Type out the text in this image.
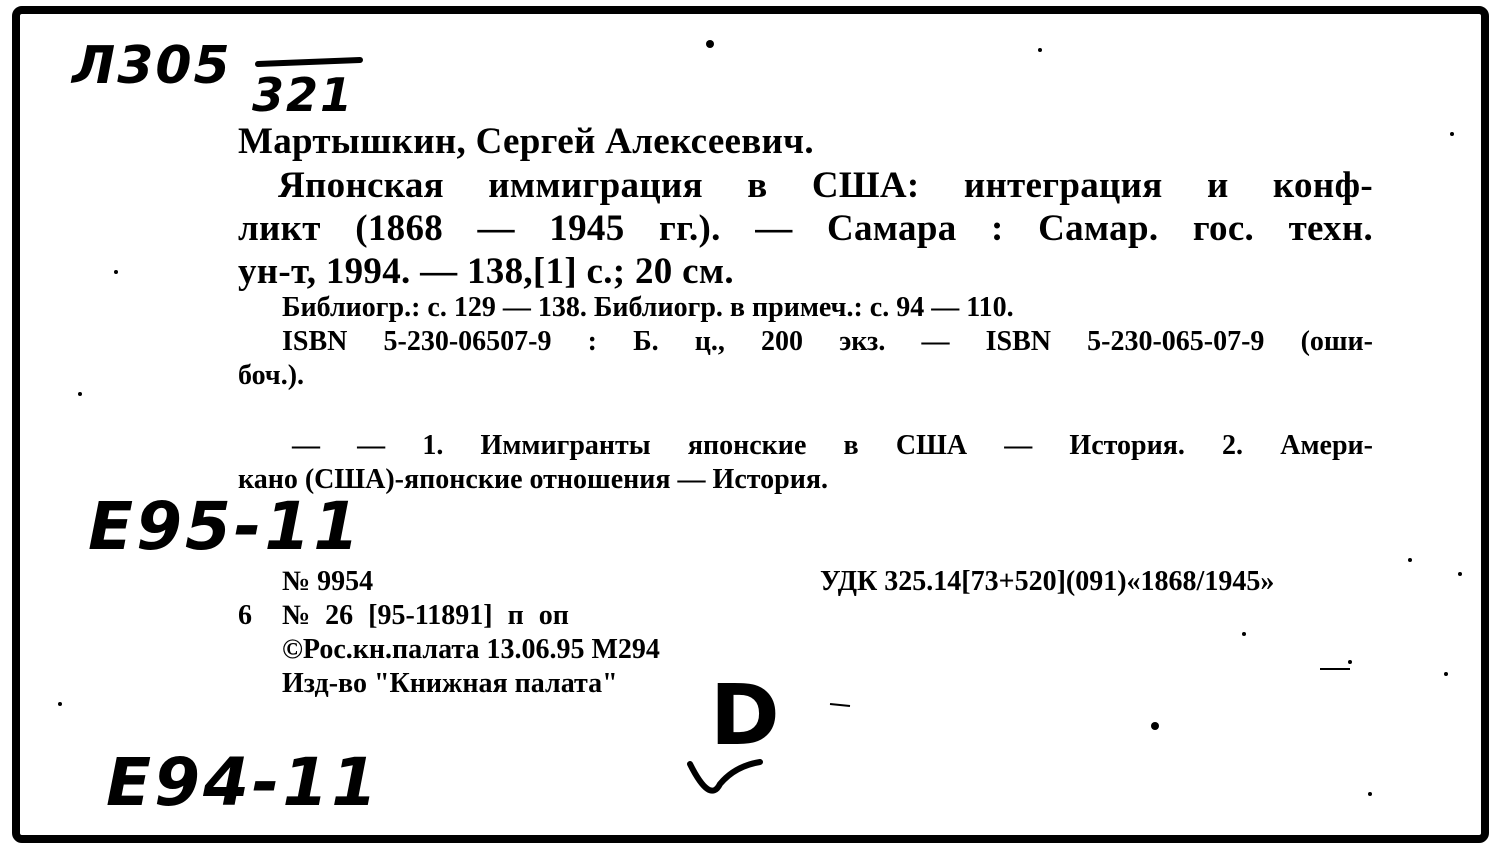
Л305 321
Мартышкин, Сергей Алексеевич.
Японская иммиграция в США: интеграция и конф-
ликт (1868 — 1945 гг.). — Самара : Самар. гос. техн.
ун-т, 1994. — 138,[1] с.; 20 см.
Библиогр.: с. 129 — 138. Библиогр. в примеч.: с. 94 — 110.
ISBN 5-230-06507-9 : Б. ц., 200 экз. — ISBN 5-230-065-07-9 (оши-
боч.).
— — 1. Иммигранты японские в США — История. 2. Амери-
кано (США)-японские отношения — История.
Е95-11
№ 9954	УДК 325.14[73+520](091)«1868/1945»
6 № 26 [95-11891] п оп
©Рос.кн.палата 13.06.95 М294
Изд-во "Книжная палата" D
Е94-11
